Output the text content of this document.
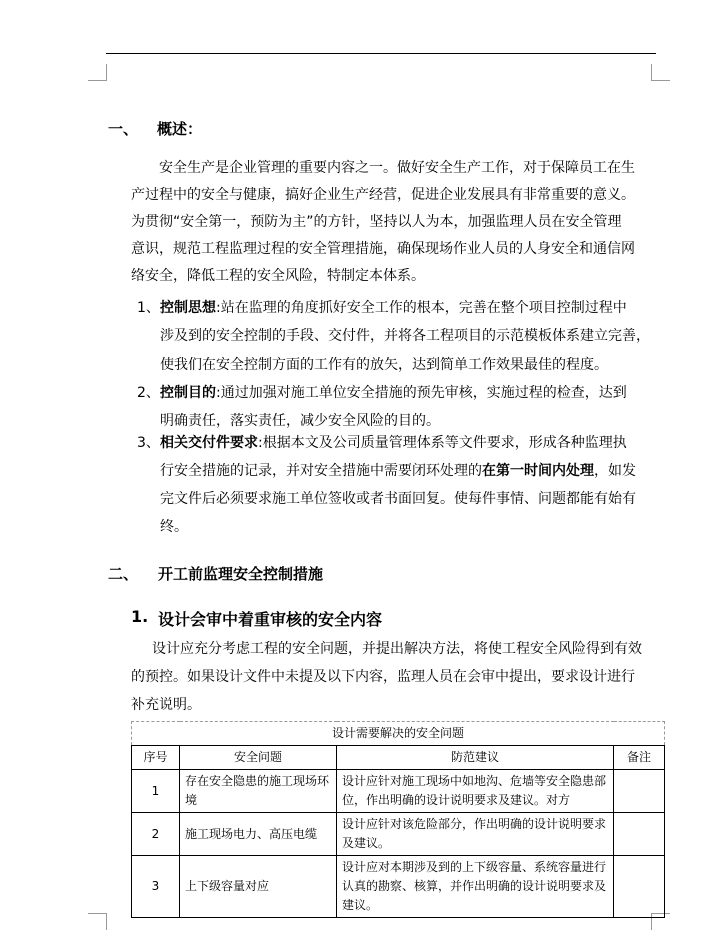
一、 概述：
安全生产是企业管理的重要内容之一。做好安全生产工作，对于保障员工在生
产过程中的安全与健康，搞好企业生产经营，促进企业发展具有非常重要的意义。
为贯彻“安全第一，预防为主”的方针，坚持以人为本，加强监理人员在安全管理
意识，规范工程监理过程的安全管理措施，确保现场作业人员的人身安全和通信网
络安全，降低工程的安全风险，特制定本体系。
1、 控制思想:站在监理的角度抓好安全工作的根本，完善在整个项目控制过程中
涉及到的安全控制的手段、交付件，并将各工程项目的示范模板体系建立完善，
使我们在安全控制方面的工作有的放矢，达到简单工作效果最佳的程度。
2、 控制目的:通过加强对施工单位安全措施的预先审核，实施过程的检查，达到
明确责任，落实责任，减少安全风险的目的。
3、 相关交付件要求:根据本文及公司质量管理体系等文件要求，形成各种监理执
行安全措施的记录，并对安全措施中需要闭环处理的在第一时间内处理，如发
完文件后必须要求施工单位签收或者书面回复。使每件事情、问题都能有始有
终。
二、 开工前监理安全控制措施
1. 设计会审中着重审核的安全内容
设计应充分考虑工程的安全问题，并提出解决方法，将使工程安全风险得到有效
的预控。如果设计文件中未提及以下内容，监理人员在会审中提出，要求设计进行
补充说明。
设计需要解决的安全问题			
序号	安全问题	防范建议	备注
1	存在安全隐患的施工现场环境	设计应针对施工现场中如地沟、危墙等安全隐患部位，作出明确的设计说明要求及建议。对方	
2	施工现场电力、高压电缆	设计应针对该危险部分，作出明确的设计说明要求及建议。	
3	上下级容量对应	设计应对本期涉及到的上下级容量、系统容量进行认真的勘察、核算，并作出明确的设计说明要求及建议。	
